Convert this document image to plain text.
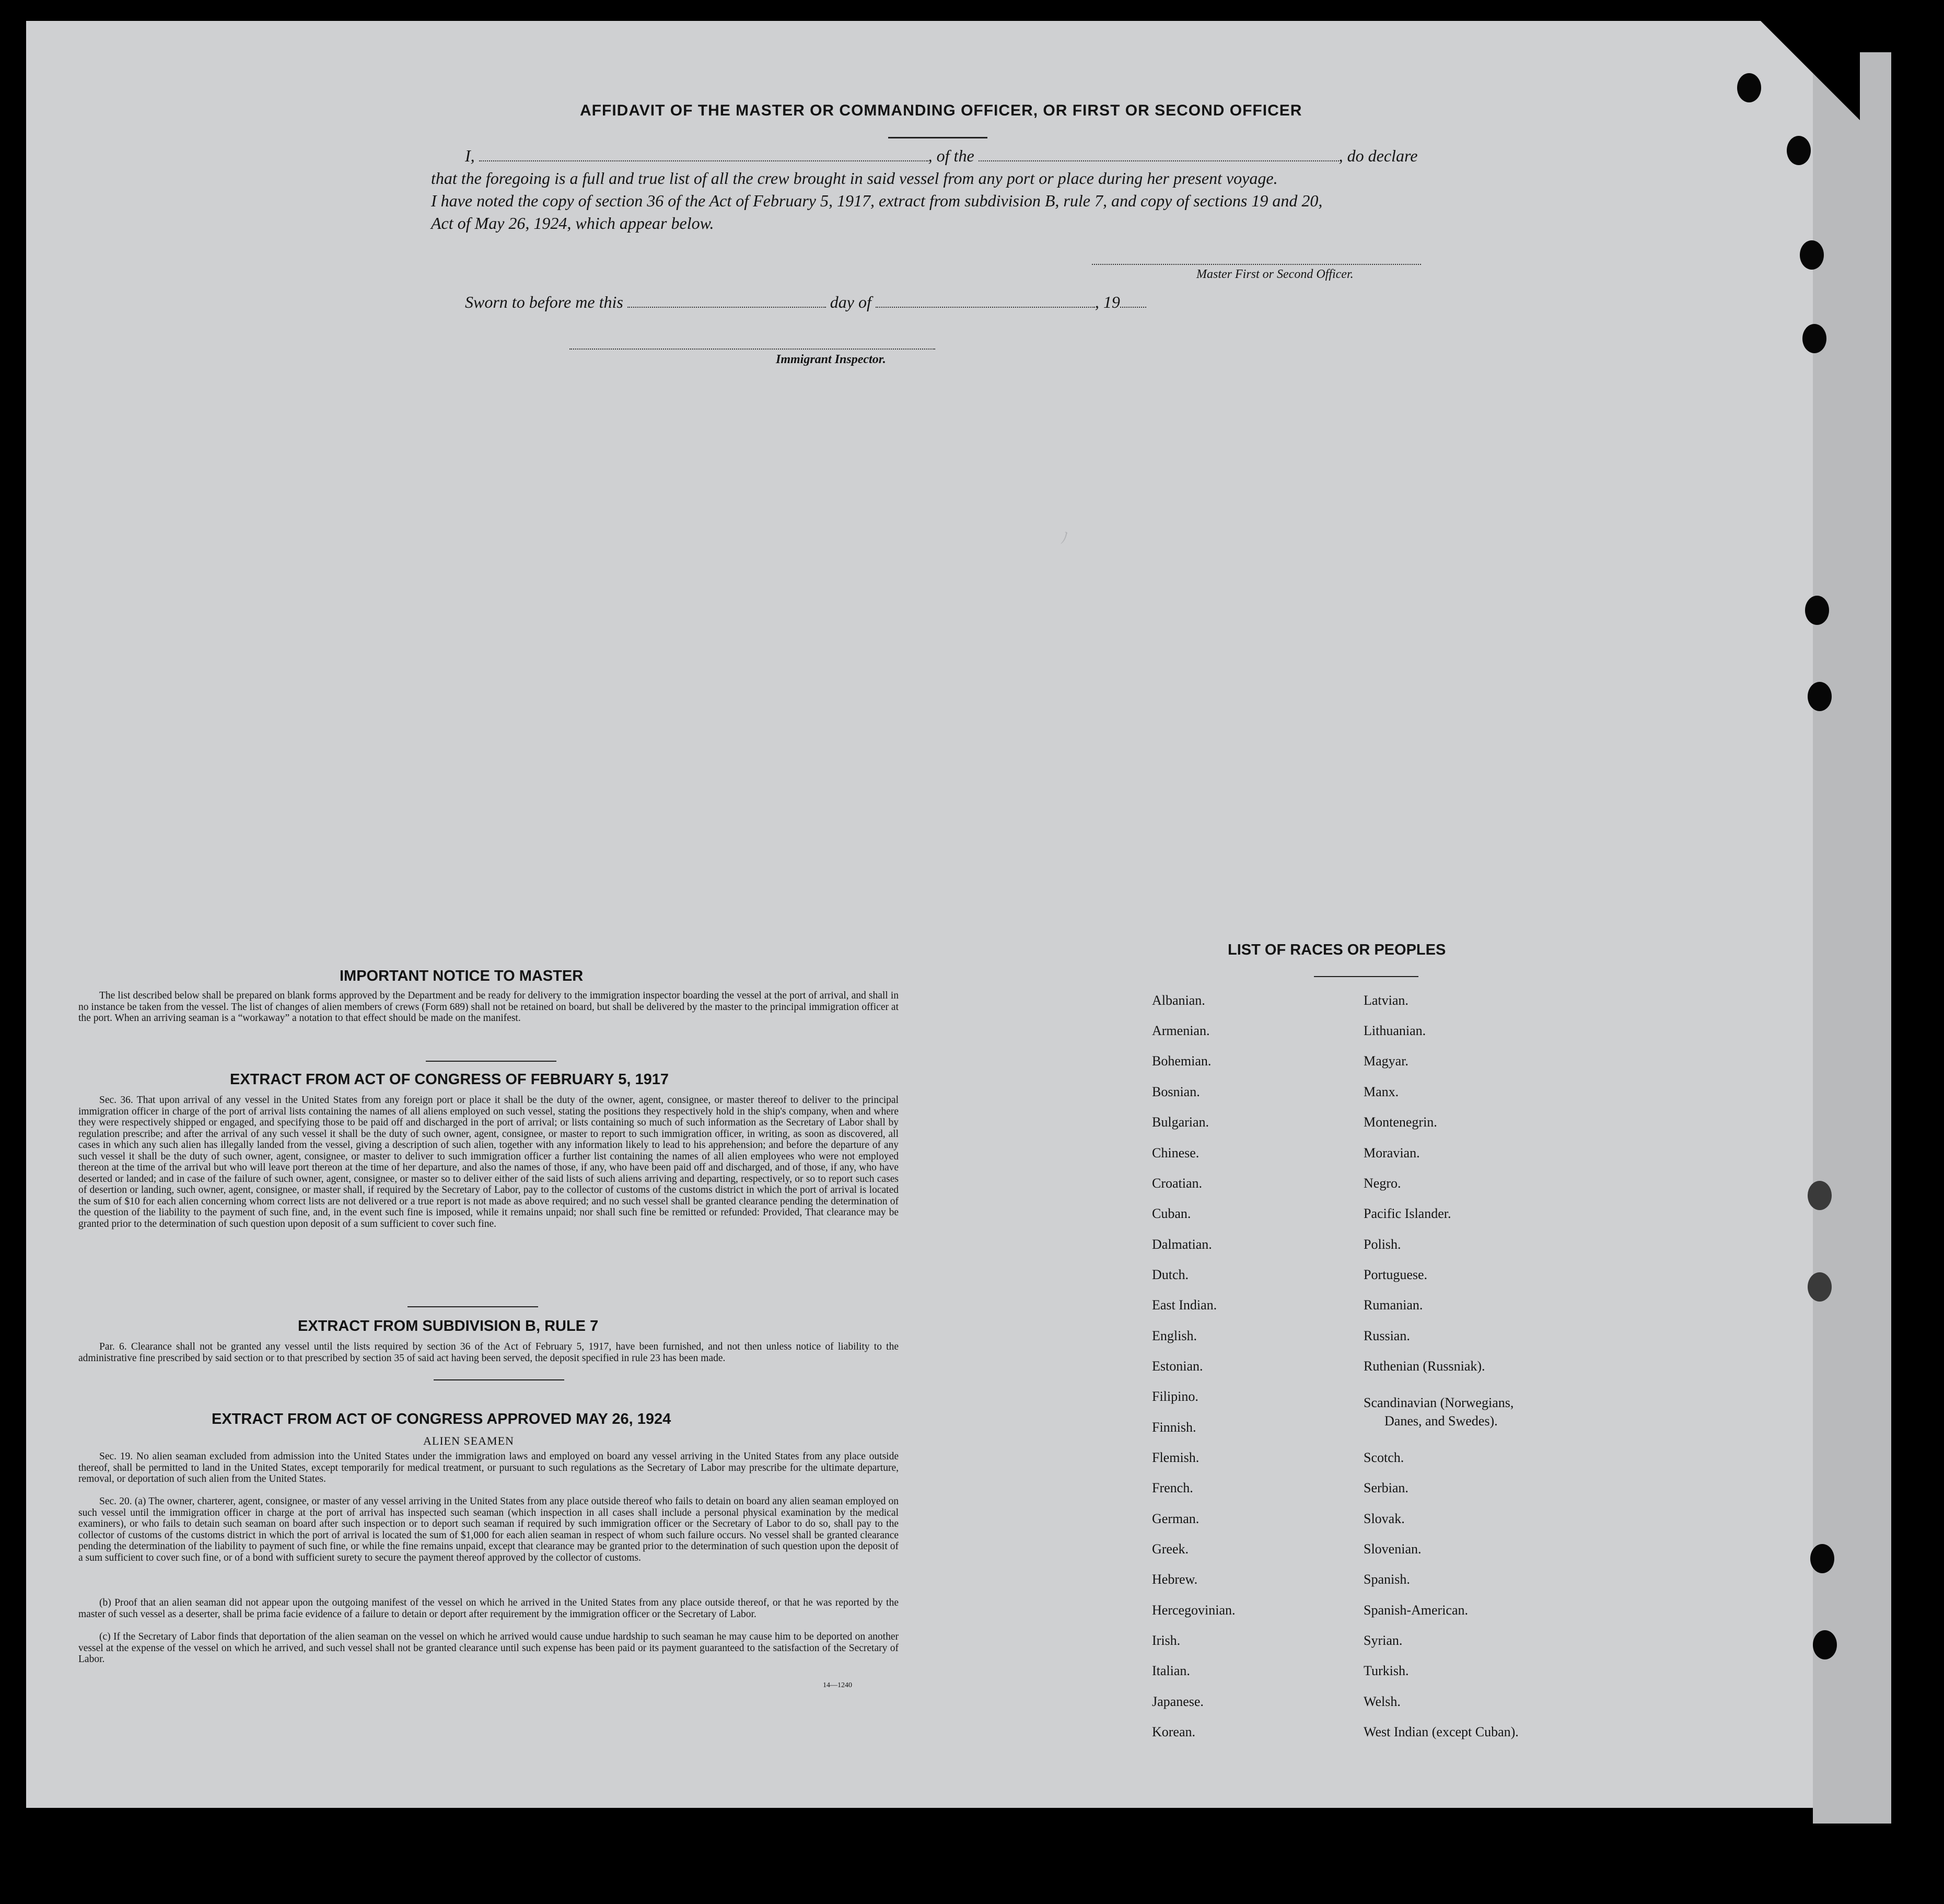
AFFIDAVIT OF THE MASTER OR COMMANDING OFFICER, OR FIRST OR SECOND OFFICER
I,	, of the	, do declare
that the foregoing is a full and true list of all the crew brought in said vessel from any port or place during her present voyage.
I have noted the copy of section 36 of the Act of February 5, 1917, extract from subdivision B, rule 7, and copy of sections 19 and 20,
Act of May 26, 1924, which appear below.
Master First or Second Officer.
Sworn to before me this	day of	, 19
Immigrant Inspector.
ﾉ
IMPORTANT NOTICE TO MASTER
The list described below shall be prepared on blank forms approved by the Department and be ready for delivery to the immigration inspector boarding the vessel at the port of arrival, and shall in no instance be taken from the vessel. The list of changes of alien members of crews (Form 689) shall not be retained on board, but shall be delivered by the master to the principal immigration officer at the port. When an arriving seaman is a “workaway” a notation to that effect should be made on the manifest.
EXTRACT FROM ACT OF CONGRESS OF FEBRUARY 5, 1917
Sec. 36. That upon arrival of any vessel in the United States from any foreign port or place it shall be the duty of the owner, agent, consignee, or master thereof to deliver to the principal immigration officer in charge of the port of arrival lists containing the names of all aliens employed on such vessel, stating the positions they respectively hold in the ship's company, when and where they were respectively shipped or engaged, and specifying those to be paid off and discharged in the port of arrival; or lists containing so much of such information as the Secretary of Labor shall by regulation prescribe; and after the arrival of any such vessel it shall be the duty of such owner, agent, consignee, or master to report to such immigration officer, in writing, as soon as discovered, all cases in which any such alien has illegally landed from the vessel, giving a description of such alien, together with any information likely to lead to his apprehension; and before the departure of any such vessel it shall be the duty of such owner, agent, consignee, or master to deliver to such immigration officer a further list containing the names of all alien employees who were not employed thereon at the time of the arrival but who will leave port thereon at the time of her departure, and also the names of those, if any, who have been paid off and discharged, and of those, if any, who have deserted or landed; and in case of the failure of such owner, agent, consignee, or master so to deliver either of the said lists of such aliens arriving and departing, respectively, or so to report such cases of desertion or landing, such owner, agent, consignee, or master shall, if required by the Secretary of Labor, pay to the collector of customs of the customs district in which the port of arrival is located the sum of $10 for each alien concerning whom correct lists are not delivered or a true report is not made as above required; and no such vessel shall be granted clearance pending the determination of the question of the liability to the payment of such fine, and, in the event such fine is imposed, while it remains unpaid; nor shall such fine be remitted or refunded: Provided, That clearance may be granted prior to the determination of such question upon deposit of a sum sufficient to cover such fine.
EXTRACT FROM SUBDIVISION B, RULE 7
Par. 6. Clearance shall not be granted any vessel until the lists required by section 36 of the Act of February 5, 1917, have been furnished, and not then unless notice of liability to the administrative fine prescribed by said section or to that prescribed by section 35 of said act having been served, the deposit specified in rule 23 has been made.
EXTRACT FROM ACT OF CONGRESS APPROVED MAY 26, 1924
ALIEN SEAMEN
Sec. 19. No alien seaman excluded from admission into the United States under the immigration laws and employed on board any vessel arriving in the United States from any place outside thereof, shall be permitted to land in the United States, except temporarily for medical treatment, or pursuant to such regulations as the Secretary of Labor may prescribe for the ultimate departure, removal, or deportation of such alien from the United States.
Sec. 20. (a) The owner, charterer, agent, consignee, or master of any vessel arriving in the United States from any place outside thereof who fails to detain on board any alien seaman employed on such vessel until the immigration officer in charge at the port of arrival has inspected such seaman (which inspection in all cases shall include a personal physical examination by the medical examiners), or who fails to detain such seaman on board after such inspection or to deport such seaman if required by such immigration officer or the Secretary of Labor to do so, shall pay to the collector of customs of the customs district in which the port of arrival is located the sum of $1,000 for each alien seaman in respect of whom such failure occurs. No vessel shall be granted clearance pending the determination of the liability to payment of such fine, or while the fine remains unpaid, except that clearance may be granted prior to the determination of such question upon the deposit of a sum sufficient to cover such fine, or of a bond with sufficient surety to secure the payment thereof approved by the collector of customs.
(b) Proof that an alien seaman did not appear upon the outgoing manifest of the vessel on which he arrived in the United States from any place outside thereof, or that he was reported by the master of such vessel as a deserter, shall be prima facie evidence of a failure to detain or deport after requirement by the immigration officer or the Secretary of Labor.
(c) If the Secretary of Labor finds that deportation of the alien seaman on the vessel on which he arrived would cause undue hardship to such seaman he may cause him to be deported on another vessel at the expense of the vessel on which he arrived, and such vessel shall not be granted clearance until such expense has been paid or its payment guaranteed to the satisfaction of the Secretary of Labor.
14—1240
LIST OF RACES OR PEOPLES
Albanian.
Armenian.
Bohemian.
Bosnian.
Bulgarian.
Chinese.
Croatian.
Cuban.
Dalmatian.
Dutch.
East Indian.
English.
Estonian.
Filipino.
Finnish.
Flemish.
French.
German.
Greek.
Hebrew.
Hercegovinian.
Irish.
Italian.
Japanese.
Korean.
Latvian.
Lithuanian.
Magyar.
Manx.
Montenegrin.
Moravian.
Negro.
Pacific Islander.
Polish.
Portuguese.
Rumanian.
Russian.
Ruthenian (Russniak).
Scandinavian (Norwegians,
Danes, and Swedes).
Scotch.
Serbian.
Slovak.
Slovenian.
Spanish.
Spanish-American.
Syrian.
Turkish.
Welsh.
West Indian (except Cuban).
